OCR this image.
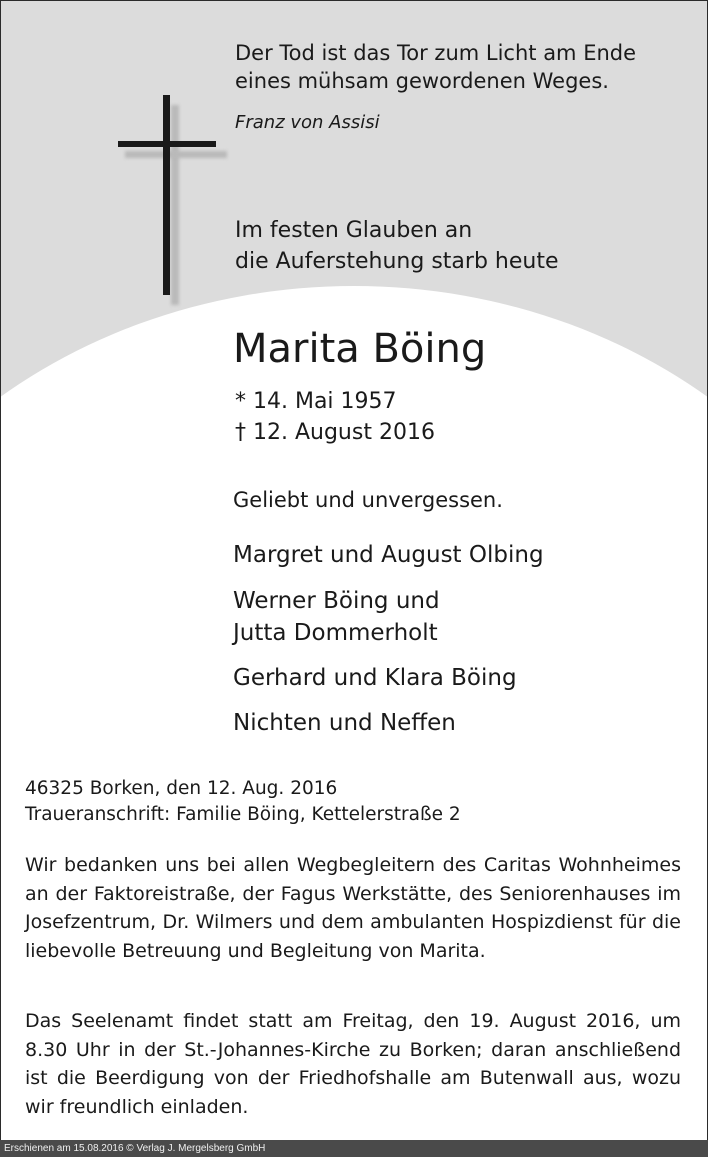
Der Tod ist das Tor zum Licht am Ende
eines mühsam gewordenen Weges.
Franz von Assisi
Im festen Glauben an
die Auferstehung starb heute
Marita Böing
* 14. Mai 1957
† 12. August 2016
Geliebt und unvergessen.
Margret und August Olbing
Werner Böing und
Jutta Dommerholt
Gerhard und Klara Böing
Nichten und Neffen
46325 Borken, den 12. Aug. 2016
Traueranschrift: Familie Böing, Kettelerstraße 2

Wir bedanken uns bei allen Wegbegleitern des Caritas Wohnheimes an der Faktoreistraße, der Fagus Werkstätte, des Seniorenhauses im Josefzentrum, Dr. Wilmers und dem ambulanten Hospizdienst für die liebevolle Betreuung und Begleitung von Marita.

Das Seelenamt findet statt am Freitag, den 19. August 2016, um 8.30 Uhr in der St.-Johannes-Kirche zu Borken; daran anschließend ist die Beerdigung von der Friedhofshalle am Butenwall aus, wozu wir freundlich einladen.

Erschienen am 15.08.2016 © Verlag J. Mergelsberg GmbH
